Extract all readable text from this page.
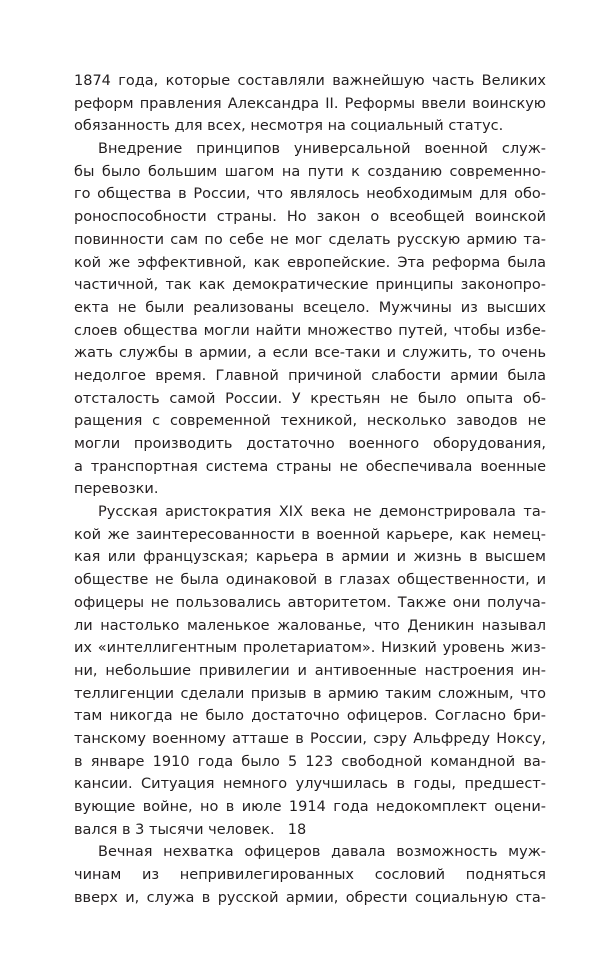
1874 года, которые составляли важнейшую часть Великих
реформ правления Александра II. Реформы ввели воинскую
обязанность для всех, несмотря на социальный статус.
Внедрение принципов универсальной военной служ-
бы было большим шагом на пути к созданию современно-
го общества в России, что являлось необходимым для обо-
роноспособности страны. Но закон о всеобщей воинской
повинности сам по себе не мог сделать русскую армию та-
кой же эффективной, как европейские. Эта реформа была
частичной, так как демократические принципы законопро-
екта не были реализованы всецело. Мужчины из высших
слоев общества могли найти множество путей, чтобы избе-
жать службы в армии, а если все-таки и служить, то очень
недолгое время. Главной причиной слабости армии была
отсталость самой России. У крестьян не было опыта об-
ращения с современной техникой, несколько заводов не
могли производить достаточно военного оборудования,
а транспортная система страны не обеспечивала военные
перевозки.
Русская аристократия XIX века не демонстрировала та-
кой же заинтересованности в военной карьере, как немец-
кая или французская; карьера в армии и жизнь в высшем
обществе не была одинаковой в глазах общественности, и
офицеры не пользовались авторитетом. Также они получа-
ли настолько маленькое жалованье, что Деникин называл
их «интеллигентным пролетариатом». Низкий уровень жиз-
ни, небольшие привилегии и антивоенные настроения ин-
теллигенции сделали призыв в армию таким сложным, что
там никогда не было достаточно офицеров. Согласно бри-
танскому военному атташе в России, сэру Альфреду Ноксу,
в январе 1910 года было 5 123 свободной командной ва-
кансии. Ситуация немного улучшилась в годы, предшест-
вующие войне, но в июле 1914 года недокомплект оцени-
вался в 3 тысячи человек.
Вечная нехватка офицеров давала возможность муж-
чинам из непривилегированных сословий подняться
вверх и, служа в русской армии, обрести социальную ста-
18
